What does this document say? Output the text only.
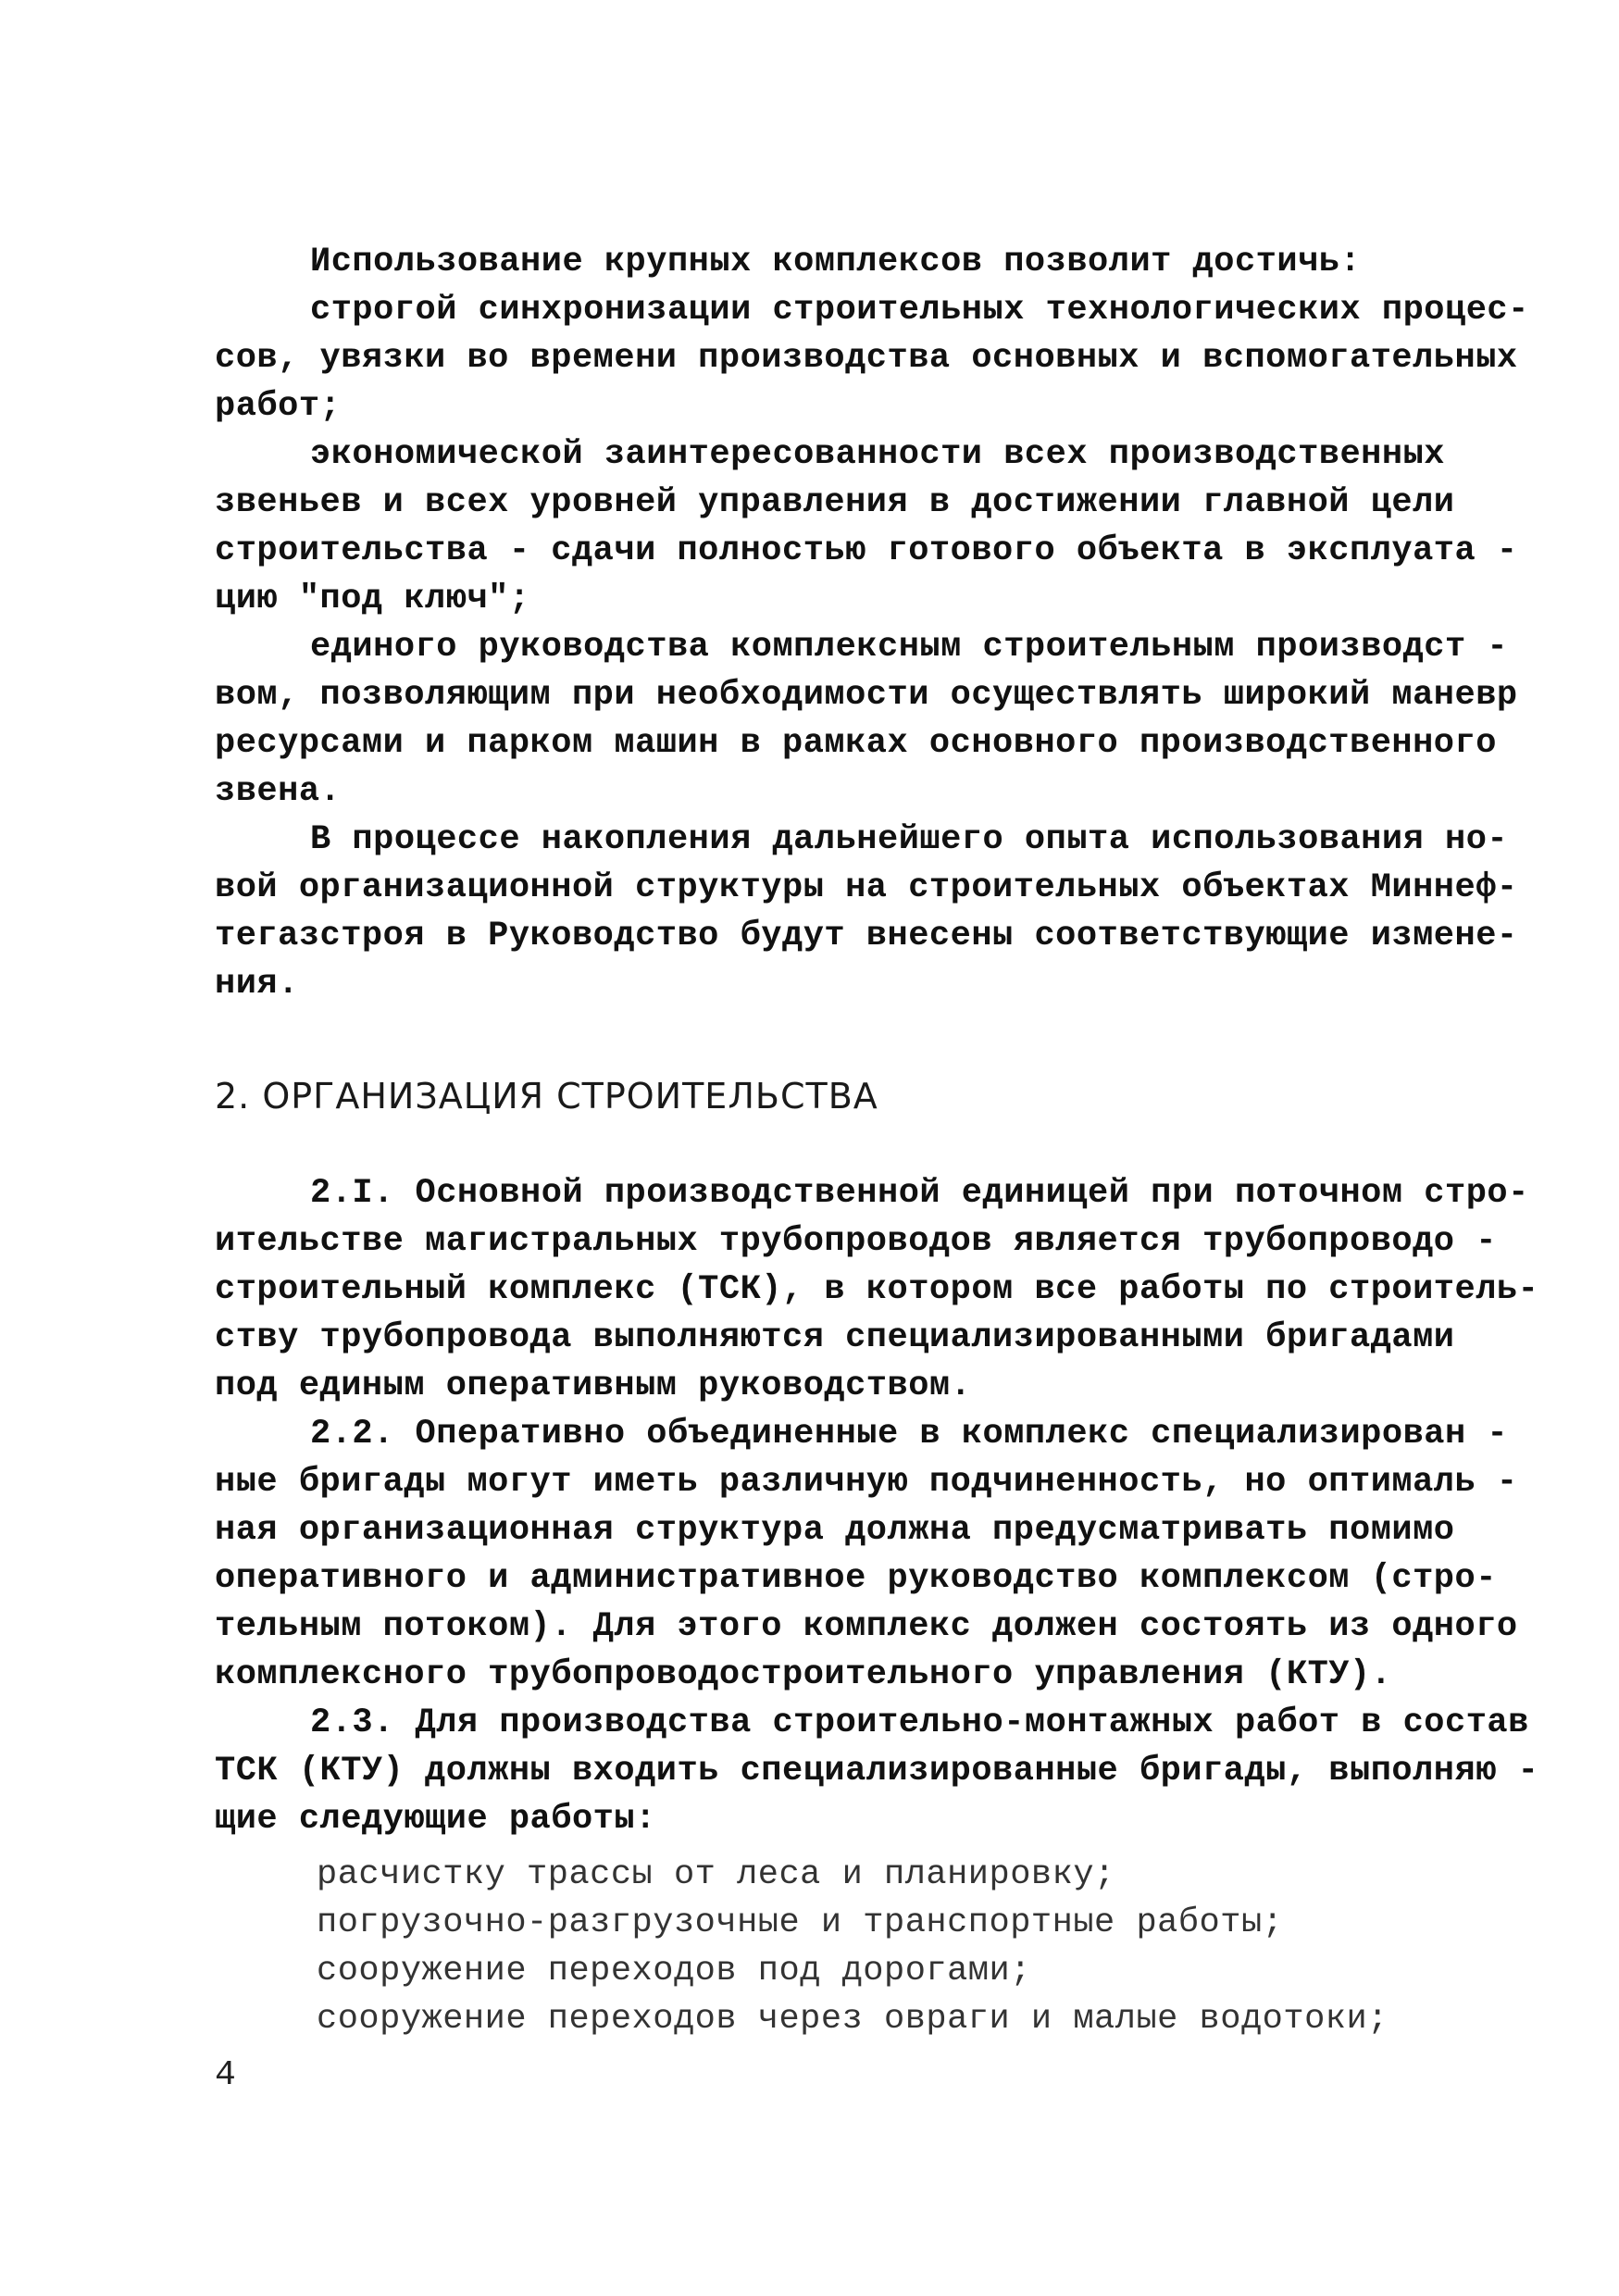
Использование крупных комплексов позволит достичь:
строгой синхронизации строительных технологических процес-
сов, увязки во времени производства основных и вспомогательных
работ;
экономической заинтересованности всех производственных
звеньев и всех уровней управления в достижении главной цели
строительства - сдачи полностью готового объекта в эксплуата -
цию "под ключ";
единого руководства комплексным строительным производст -
вом, позволяющим при необходимости осуществлять широкий маневр
ресурсами и парком машин в рамках основного производственного
звена.
В процессе накопления дальнейшего опыта использования но-
вой организационной структуры на строительных объектах Миннеф-
тегазстроя в Руководство будут внесены соответствующие измене-
ния.
2. ОРГАНИЗАЦИЯ СТРОИТЕЛЬСТВА
2.I. Основной производственной единицей при поточном стро-
ительстве магистральных трубопроводов является трубопроводо -
строительный комплекс (ТСК), в котором все работы по строитель-
ству трубопровода выполняются специализированными бригадами
под единым оперативным руководством.
2.2. Оперативно объединенные в комплекс специализирован -
ные бригады могут иметь различную подчиненность, но оптималь -
ная организационная структура должна предусматривать помимо
оперативного и административное руководство комплексом (стро-
тельным потоком). Для этого комплекс должен состоять из одного
комплексного трубопроводостроительного управления (КТУ).
2.3. Для производства строительно-монтажных работ в состав
ТСК (КТУ) должны входить специализированные бригады, выполняю -
щие следующие работы:
расчистку трассы от леса и планировку;
погрузочно-разгрузочные и транспортные работы;
сооружение переходов под дорогами;
сооружение переходов через овраги и малые водотоки;
4
